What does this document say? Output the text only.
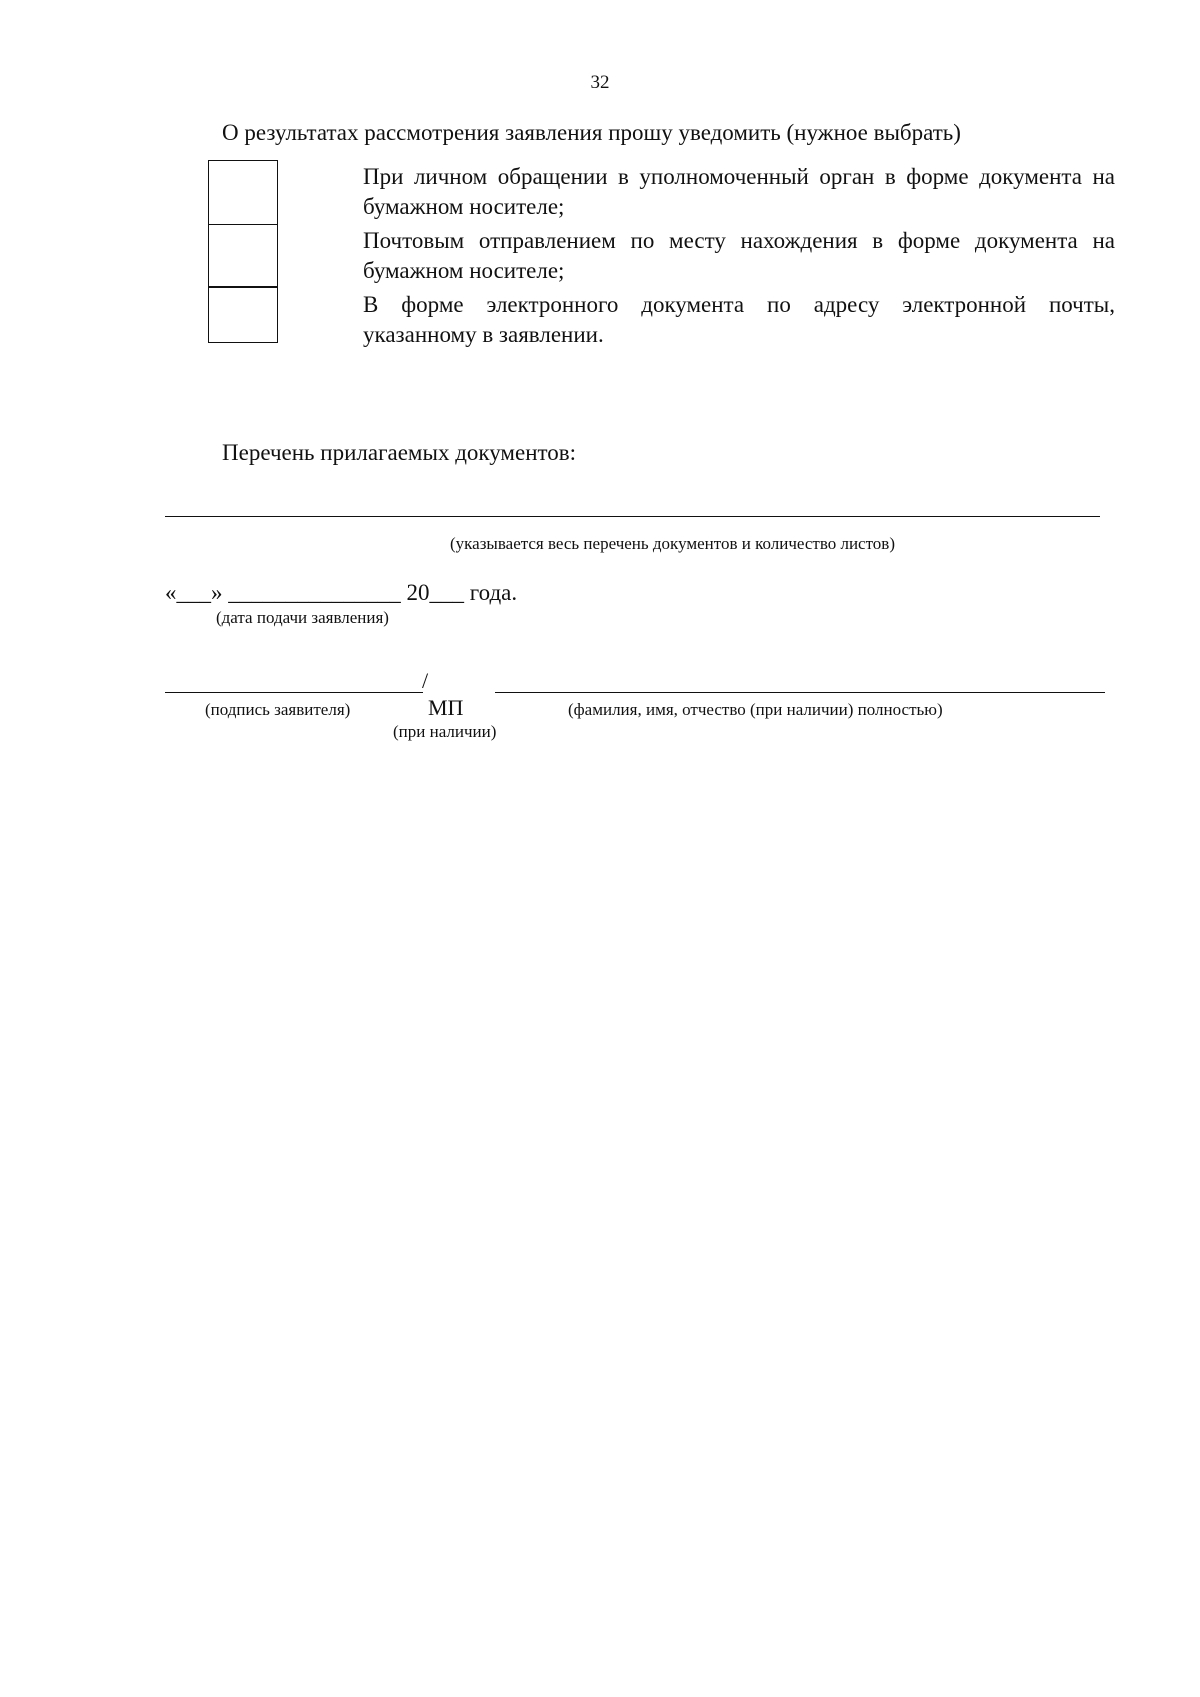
32
О результатах рассмотрения заявления прошу уведомить (нужное выбрать)
При личном обращении в уполномоченный орган в форме документа на
бумажном носителе;
Почтовым отправлением по месту нахождения в форме документа на
бумажном носителе;
В форме электронного документа по адресу электронной почты,
указанному в заявлении.
Перечень прилагаемых документов:
(указывается весь перечень документов и количество листов)
«___» _______________ 20___ года.
(дата подачи заявления)
/
(подпись заявителя)	МП
(при наличии)
(фамилия, имя, отчество (при наличии) полностью)
